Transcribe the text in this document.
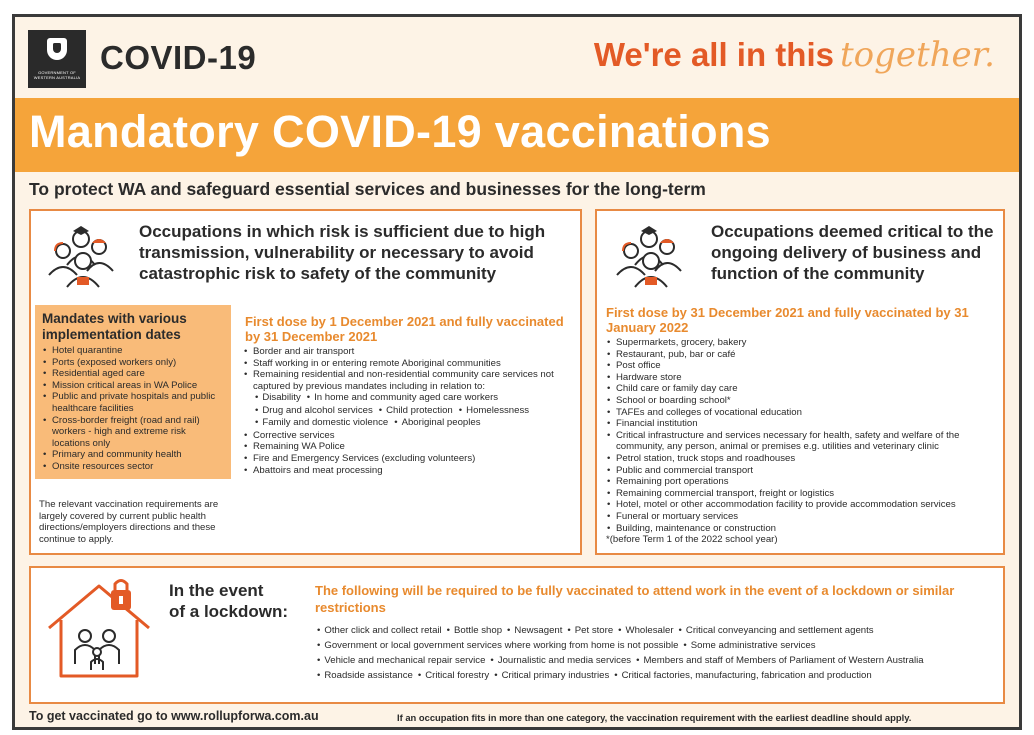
GOVERNMENT OF WESTERN AUSTRALIA
COVID-19	We're all in this together.
Mandatory COVID-19 vaccinations
To protect WA and safeguard essential services and businesses for the long-term
Occupations in which risk is sufficient due to high transmission, vulnerability or necessary to avoid catastrophic risk to safety of the community
Mandates with various implementation dates
• Hotel quarantine
• Ports (exposed workers only)
• Residential aged care
• Mission critical areas in WA Police
• Public and private hospitals and public healthcare facilities
• Cross-border freight (road and rail) workers - high and extreme risk locations only
• Primary and community health
• Onsite resources sector
The relevant vaccination requirements are largely covered by current public health directions/employers directions and these continue to apply.
First dose by 1 December 2021 and fully vaccinated by 31 December 2021
• Border and air transport
• Staff working in or entering remote Aboriginal communities
• Remaining residential and non-residential community care services not captured by previous mandates including in relation to:
• Disability • In home and community aged care workers
• Drug and alcohol services • Child protection • Homelessness
• Family and domestic violence • Aboriginal peoples
• Corrective services
• Remaining WA Police
• Fire and Emergency Services (excluding volunteers)
• Abattoirs and meat processing
Occupations deemed critical to the ongoing delivery of business and function of the community
First dose by 31 December 2021 and fully vaccinated by 31 January 2022
• Supermarkets, grocery, bakery
• Restaurant, pub, bar or café
• Post office
• Hardware store
• Child care or family day care
• School or boarding school*
• TAFEs and colleges of vocational education
• Financial institution
• Critical infrastructure and services necessary for health, safety and welfare of the community, any person, animal or premises e.g. utilities and veterinary clinic
• Petrol station, truck stops and roadhouses
• Public and commercial transport
• Remaining port operations
• Remaining commercial transport, freight or logistics
• Hotel, motel or other accommodation facility to provide accommodation services
• Funeral or mortuary services
• Building, maintenance or construction
*(before Term 1 of the 2022 school year)
In the event
of a lockdown:
The following will be required to be fully vaccinated to attend work in the event of a lockdown or similar restrictions
• Other click and collect retail • Bottle shop • Newsagent • Pet store • Wholesaler • Critical conveyancing and settlement agents
• Government or local government services where working from home is not possible • Some administrative services
• Vehicle and mechanical repair service • Journalistic and media services • Members and staff of Members of Parliament of Western Australia
• Roadside assistance • Critical forestry • Critical primary industries • Critical factories, manufacturing, fabrication and production
To get vaccinated go to www.rollupforwa.com.au	If an occupation fits in more than one category, the vaccination requirement with the earliest deadline should apply.
